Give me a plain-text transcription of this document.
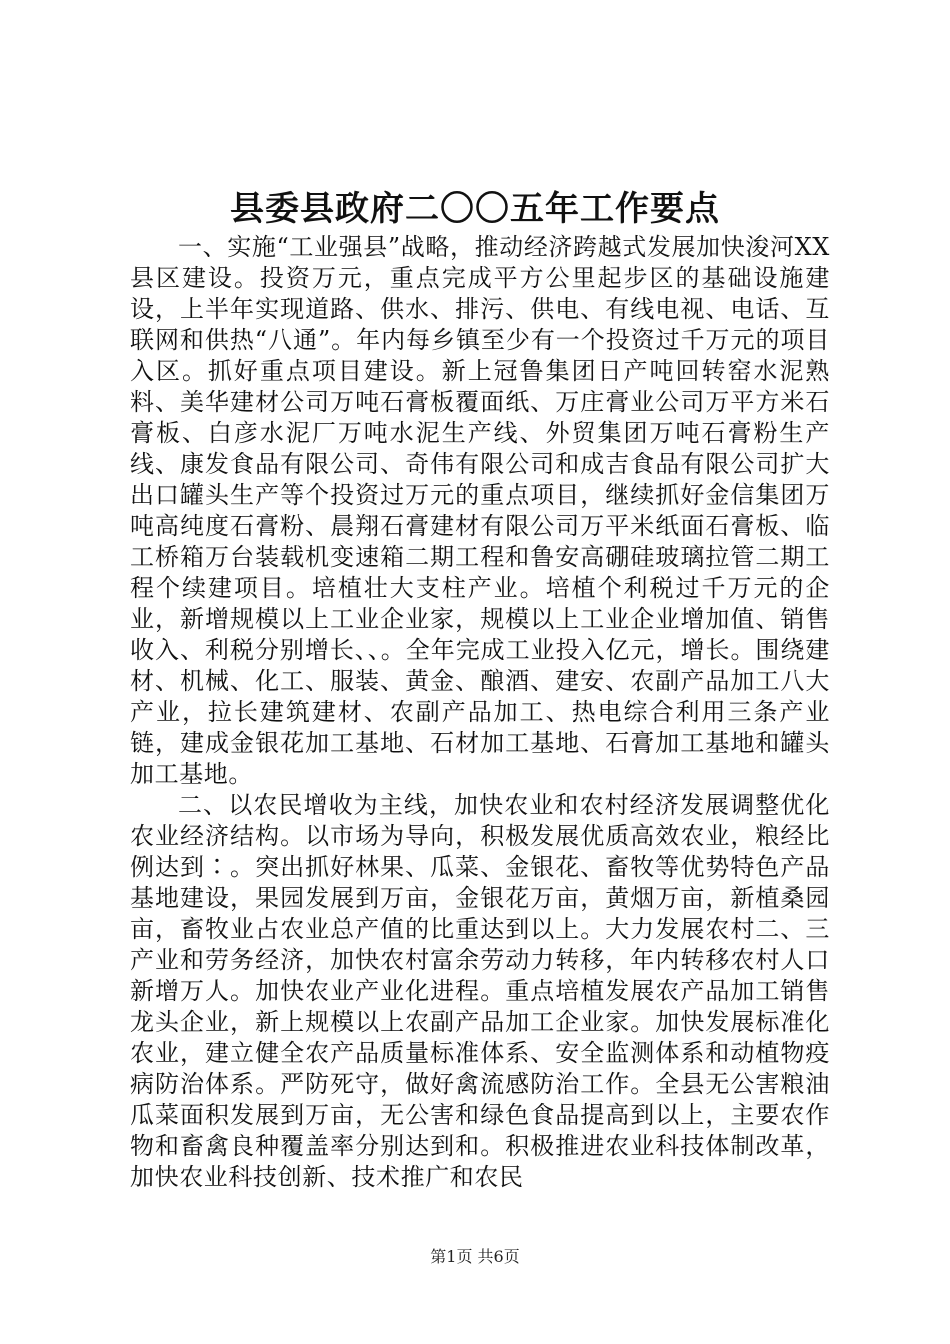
县委县政府二〇〇五年工作要点

一、实施“工业强县”战略，推动经济跨越式发展加快浚河XX县区建设。投资万元，重点完成平方公里起步区的基础设施建设，上半年实现道路、供水、排污、供电、有线电视、电话、互联网和供热“八通”。年内每乡镇至少有一个投资过千万元的项目入区。抓好重点项目建设。新上冠鲁集团日产吨回转窑水泥熟料、美华建材公司万吨石膏板覆面纸、万庄膏业公司万平方米石膏板、白彦水泥厂万吨水泥生产线、外贸集团万吨石膏粉生产线、康发食品有限公司、奇伟有限公司和成吉食品有限公司扩大出口罐头生产等个投资过万元的重点项目，继续抓好金信集团万吨高纯度石膏粉、晨翔石膏建材有限公司万平米纸面石膏板、临工桥箱万台装载机变速箱二期工程和鲁安高硼硅玻璃拉管二期工程个续建项目。培植壮大支柱产业。培植个利税过千万元的企业，新增规模以上工业企业家，规模以上工业企业增加值、销售收入、利税分别增长、、。全年完成工业投入亿元，增长。围绕建材、机械、化工、服装、黄金、酿酒、建安、农副产品加工八大产业，拉长建筑建材、农副产品加工、热电综合利用三条产业链，建成金银花加工基地、石材加工基地、石膏加工基地和罐头加工基地。

二、以农民增收为主线，加快农业和农村经济发展调整优化农业经济结构。以市场为导向，积极发展优质高效农业，粮经比例达到∶。突出抓好林果、瓜菜、金银花、畜牧等优势特色产品基地建设，果园发展到万亩，金银花万亩，黄烟万亩，新植桑园亩，畜牧业占农业总产值的比重达到以上。大力发展农村二、三产业和劳务经济，加快农村富余劳动力转移，年内转移农村人口新增万人。加快农业产业化进程。重点培植发展农产品加工销售龙头企业，新上规模以上农副产品加工企业家。加快发展标准化农业，建立健全农产品质量标准体系、安全监测体系和动植物疫病防治体系。严防死守，做好禽流感防治工作。全县无公害粮油瓜菜面积发展到万亩，无公害和绿色食品提高到以上，主要农作物和畜禽良种覆盖率分别达到和。积极推进农业科技体制改革，加快农业科技创新、技术推广和农民

第1页 共6页
